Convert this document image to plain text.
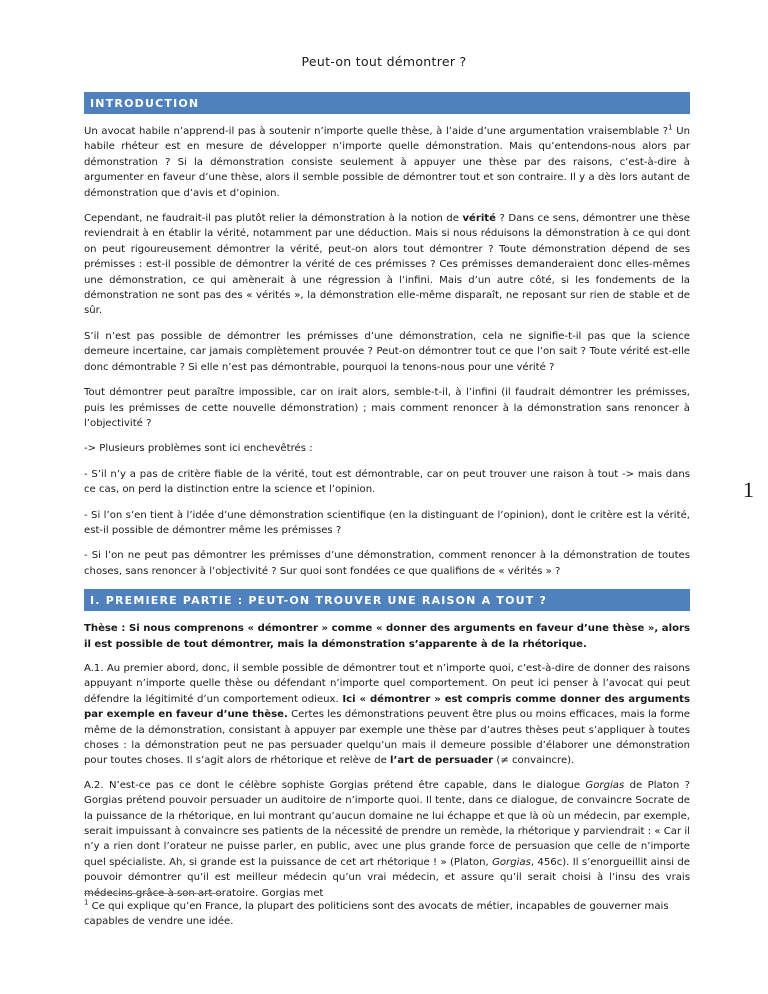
Peut-on tout démontrer ?
INTRODUCTION

Un avocat habile n’apprend-il pas à soutenir n’importe quelle thèse, à l’aide d’une argumentation vraisemblable ?$^1$ Un habile rhéteur est en mesure de développer n’importe quelle démonstration. Mais qu’entendons-nous alors par démonstration ? Si la démonstration consiste seulement à appuyer une thèse par des raisons, c’est-à-dire à argumenter en faveur d’une thèse, alors il semble possible de démontrer tout et son contraire. Il y a dès lors autant de démonstration que d’avis et d’opinion.

Cependant, ne faudrait-il pas plutôt relier la démonstration à la notion de vérité ? Dans ce sens, démontrer une thèse reviendrait à en établir la vérité, notamment par une déduction. Mais si nous réduisons la démonstration à ce qui dont on peut rigoureusement démontrer la vérité, peut-on alors tout démontrer ? Toute démonstration dépend de ses prémisses : est-il possible de démontrer la vérité de ces prémisses ? Ces prémisses demanderaient donc elles-mêmes une démonstration, ce qui amènerait à une régression à l’infini. Mais d’un autre côté, si les fondements de la démonstration ne sont pas des « vérités », la démonstration elle-même disparaît, ne reposant sur rien de stable et de sûr.

S’il n’est pas possible de démontrer les prémisses d’une démonstration, cela ne signifie-t-il pas que la science demeure incertaine, car jamais complètement prouvée ? Peut-on démontrer tout ce que l’on sait ? Toute vérité est-elle donc démontrable ? Si elle n’est pas démontrable, pourquoi la tenons-nous pour une vérité ?

Tout démontrer peut paraître impossible, car on irait alors, semble-t-il, à l’infini (il faudrait démontrer les prémisses, puis les prémisses de cette nouvelle démonstration) ; mais comment renoncer à la démonstration sans renoncer à l’objectivité ?

-> Plusieurs problèmes sont ici enchevêtrés :

- S’il n’y a pas de critère fiable de la vérité, tout est démontrable, car on peut trouver une raison à tout -> mais dans ce cas, on perd la distinction entre la science et l’opinion.

- Si l’on s’en tient à l’idée d’une démonstration scientifique (en la distinguant de l’opinion), dont le critère est la vérité, est-il possible de démontrer même les prémisses ?

- Si l’on ne peut pas démontrer les prémisses d’une démonstration, comment renoncer à la démonstration de toutes choses, sans renoncer à l’objectivité ? Sur quoi sont fondées ce que qualifions de « vérités » ?

I. PREMIERE PARTIE : PEUT-ON TROUVER UNE RAISON A TOUT ?

Thèse : Si nous comprenons « démontrer » comme « donner des arguments en faveur d’une thèse », alors il est possible de tout démontrer, mais la démonstration s’apparente à de la rhétorique.

A.1. Au premier abord, donc, il semble possible de démontrer tout et n’importe quoi, c’est-à-dire de donner des raisons appuyant n’importe quelle thèse ou défendant n’importe quel comportement. On peut ici penser à l’avocat qui peut défendre la légitimité d’un comportement odieux. Ici « démontrer » est compris comme donner des arguments par exemple en faveur d’une thèse. Certes les démonstrations peuvent être plus ou moins efficaces, mais la forme même de la démonstration, consistant à appuyer par exemple une thèse par d’autres thèses peut s’appliquer à toutes choses : la démonstration peut ne pas persuader quelqu’un mais il demeure possible d’élaborer une démonstration pour toutes choses. Il s’agit alors de rhétorique et relève de l’art de persuader (≠ convaincre).

A.2. N’est-ce pas ce dont le célèbre sophiste Gorgias prétend être capable, dans le dialogue Gorgias de Platon ? Gorgias prétend pouvoir persuader un auditoire de n’importe quoi. Il tente, dans ce dialogue, de convaincre Socrate de la puissance de la rhétorique, en lui montrant qu’aucun domaine ne lui échappe et que là où un médecin, par exemple, serait impuissant à convaincre ses patients de la nécessité de prendre un remède, la rhétorique y parviendrait : « Car il n’y a rien dont l’orateur ne puisse parler, en public, avec une plus grande force de persuasion que celle de n’importe quel spécialiste. Ah, si grande est la puissance de cet art rhétorique ! » (Platon, Gorgias, 456c). Il s’enorgueillit ainsi de pouvoir démontrer qu’il est meilleur médecin qu’un vrai médecin, et assure qu’il serait choisi à l’insu des vrais médecins grâce à son art oratoire. Gorgias met

1
$^1$ Ce qui explique qu’en France, la plupart des politiciens sont des avocats de métier, incapables de gouverner mais capables de vendre une idée.
